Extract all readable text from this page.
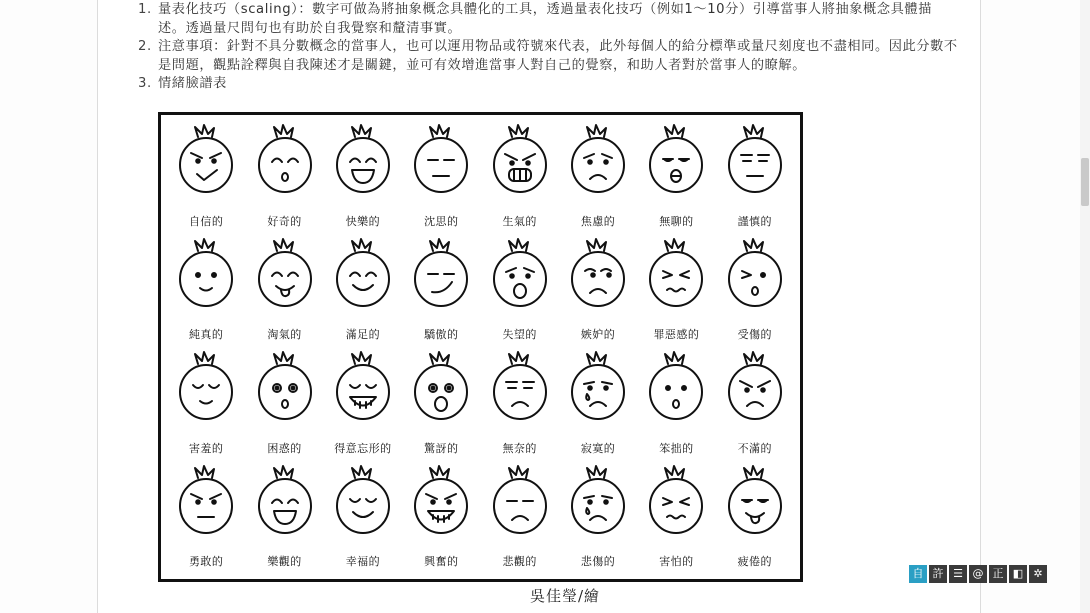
1. 量表化技巧（scaling）：數字可做為將抽象概念具體化的工具，透過量表化技巧（例如1～10分）引導當事人將抽象概念具體描述。透過量尺問句也有助於自我覺察和釐清事實。
2. 注意事項：針對不具分數概念的當事人，也可以運用物品或符號來代表，此外每個人的給分標準或量尺刻度也不盡相同。因此分數不是問題，觀點詮釋與自我陳述才是關鍵，並可有效增進當事人對自己的覺察，和助人者對於當事人的瞭解。
3. 情緒臉譜表
自信的	好奇的	快樂的	沈思的	生氣的	焦慮的	無聊的	謹慎的
純真的	淘氣的	滿足的	驕傲的	失望的	嫉妒的	罪惡感的	受傷的
害羞的	困惑的	得意忘形的	驚訝的	無奈的	寂寞的	笨拙的	不滿的
勇敢的	樂觀的	幸福的	興奮的	悲觀的	悲傷的	害怕的	疲倦的
吳佳瑩/繪
自 許 ☰ @ 正 ◧ ✲
